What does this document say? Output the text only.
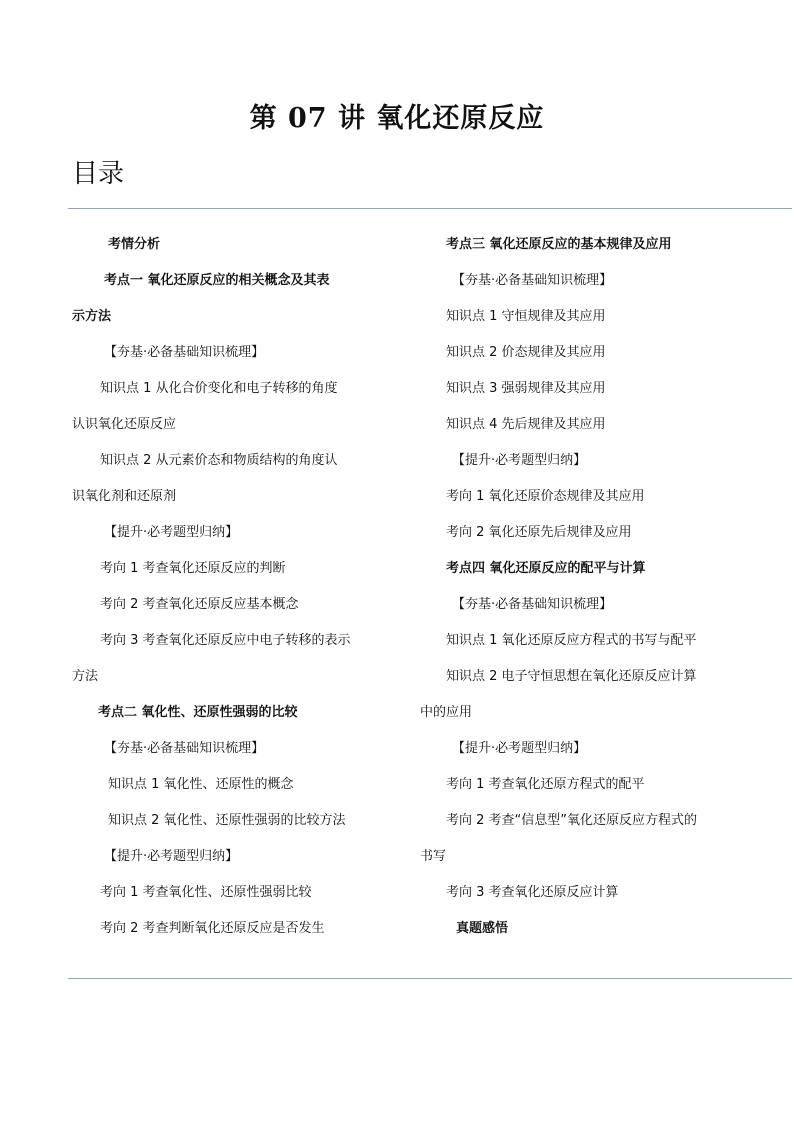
第 07 讲 氧化还原反应
目录
考情分析
考点一 氧化还原反应的相关概念及其表
示方法
【夯基·必备基础知识梳理】
知识点 1 从化合价变化和电子转移的角度
认识氧化还原反应
知识点 2 从元素价态和物质结构的角度认
识氧化剂和还原剂
【提升·必考题型归纳】
考向 1 考查氧化还原反应的判断
考向 2 考查氧化还原反应基本概念
考向 3 考查氧化还原反应中电子转移的表示
方法
考点二 氧化性、还原性强弱的比较
【夯基·必备基础知识梳理】
知识点 1 氧化性、还原性的概念
知识点 2 氧化性、还原性强弱的比较方法
【提升·必考题型归纳】
考向 1 考查氧化性、还原性强弱比较
考向 2 考查判断氧化还原反应是否发生
考点三 氧化还原反应的基本规律及应用
【夯基·必备基础知识梳理】
知识点 1 守恒规律及其应用
知识点 2 价态规律及其应用
知识点 3 强弱规律及其应用
知识点 4 先后规律及其应用
【提升·必考题型归纳】
考向 1 氧化还原价态规律及其应用
考向 2 氧化还原先后规律及应用
考点四 氧化还原反应的配平与计算
【夯基·必备基础知识梳理】
知识点 1 氧化还原反应方程式的书写与配平
知识点 2 电子守恒思想在氧化还原反应计算
中的应用
【提升·必考题型归纳】
考向 1 考查氧化还原方程式的配平
考向 2 考查“信息型”氧化还原反应方程式的
书写
考向 3 考查氧化还原反应计算
真题感悟
